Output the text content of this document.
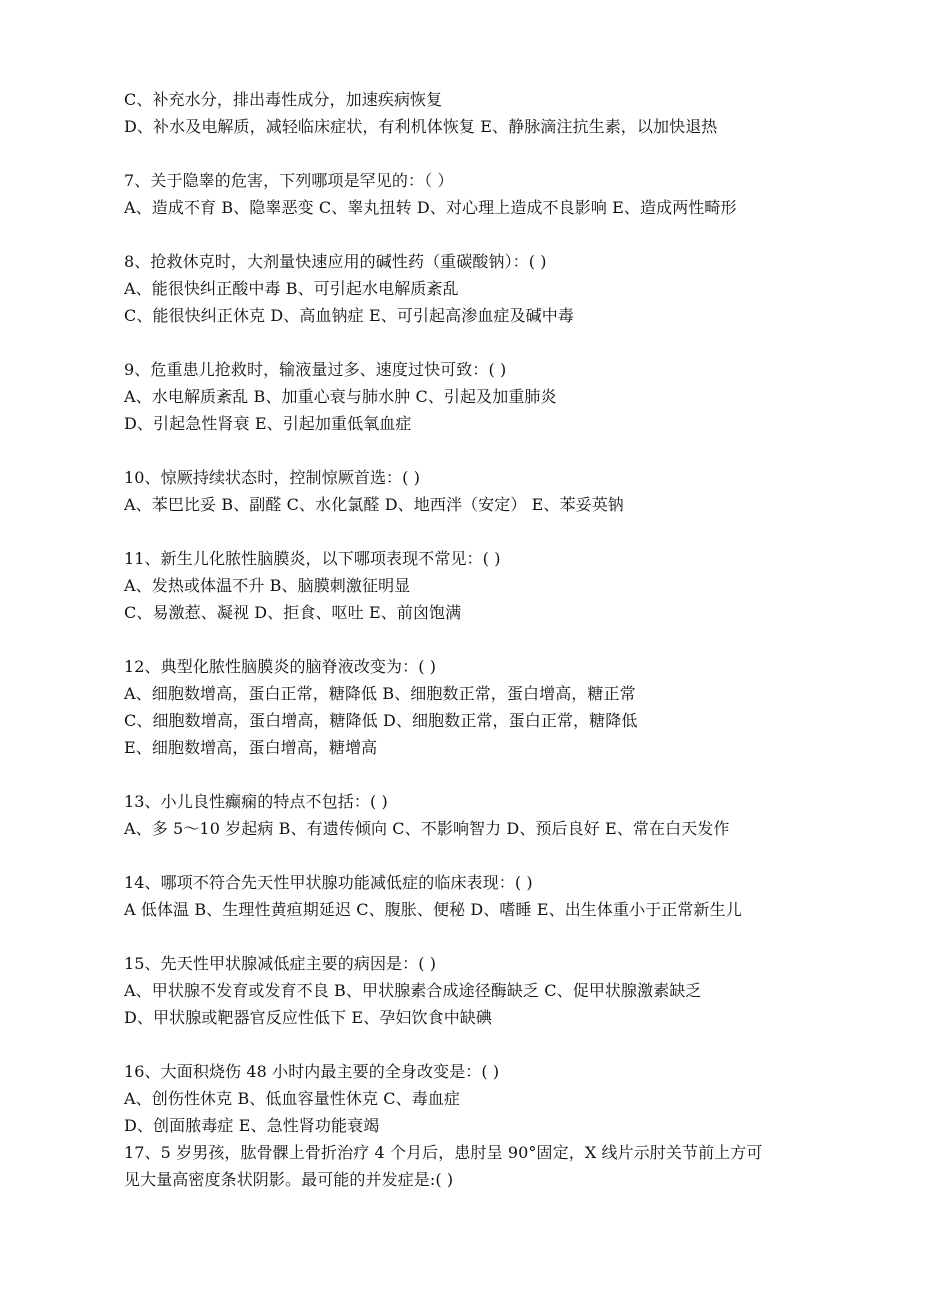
C、补充水分，排出毒性成分，加速疾病恢复
D、补水及电解质，减轻临床症状，有利机体恢复 E、静脉滴注抗生素，以加快退热
7、关于隐睾的危害，下列哪项是罕见的：（ ）
A、造成不育 B、隐睾恶变 C、睾丸扭转 D、对心理上造成不良影响 E、造成两性畸形
8、抢救休克时，大剂量快速应用的碱性药（重碳酸钠）：( )
A、能很快纠正酸中毒 B、可引起水电解质紊乱
C、能很快纠正休克 D、高血钠症 E、可引起高渗血症及碱中毒
9、危重患儿抢救时，输液量过多、速度过快可致：( )
A、水电解质紊乱 B、加重心衰与肺水肿 C、引起及加重肺炎
D、引起急性肾衰 E、引起加重低氧血症
10、惊厥持续状态时，控制惊厥首选：( )
A、苯巴比妥 B、副醛 C、水化氯醛 D、地西泮（安定） E、苯妥英钠
11、新生儿化脓性脑膜炎，以下哪项表现不常见：( )
A、发热或体温不升 B、脑膜刺激征明显
C、易激惹、凝视 D、拒食、呕吐 E、前囟饱满
12、典型化脓性脑膜炎的脑脊液改变为：( )
A、细胞数增高，蛋白正常，糖降低 B、细胞数正常，蛋白增高，糖正常
C、细胞数增高，蛋白增高，糖降低 D、细胞数正常，蛋白正常，糖降低
E、细胞数增高，蛋白增高，糖增高
13、小儿良性癫痫的特点不包括：( )
A、多 5～10 岁起病 B、有遗传倾向 C、不影响智力 D、预后良好 E、常在白天发作
14、哪项不符合先天性甲状腺功能减低症的临床表现：( )
A 低体温 B、生理性黄疸期延迟 C、腹胀、便秘 D、嗜睡 E、出生体重小于正常新生儿
15、先天性甲状腺减低症主要的病因是：( )
A、甲状腺不发育或发育不良 B、甲状腺素合成途径酶缺乏 C、促甲状腺激素缺乏
D、甲状腺或靶器官反应性低下 E、孕妇饮食中缺碘
16、大面积烧伤 48 小时内最主要的全身改变是：( )
A、创伤性休克 B、低血容量性休克 C、毒血症
D、创面脓毒症 E、急性肾功能衰竭
17、5 岁男孩，肱骨髁上骨折治疗 4 个月后，患肘呈 90°固定，X 线片示肘关节前上方可
见大量高密度条状阴影。最可能的并发症是:( )
